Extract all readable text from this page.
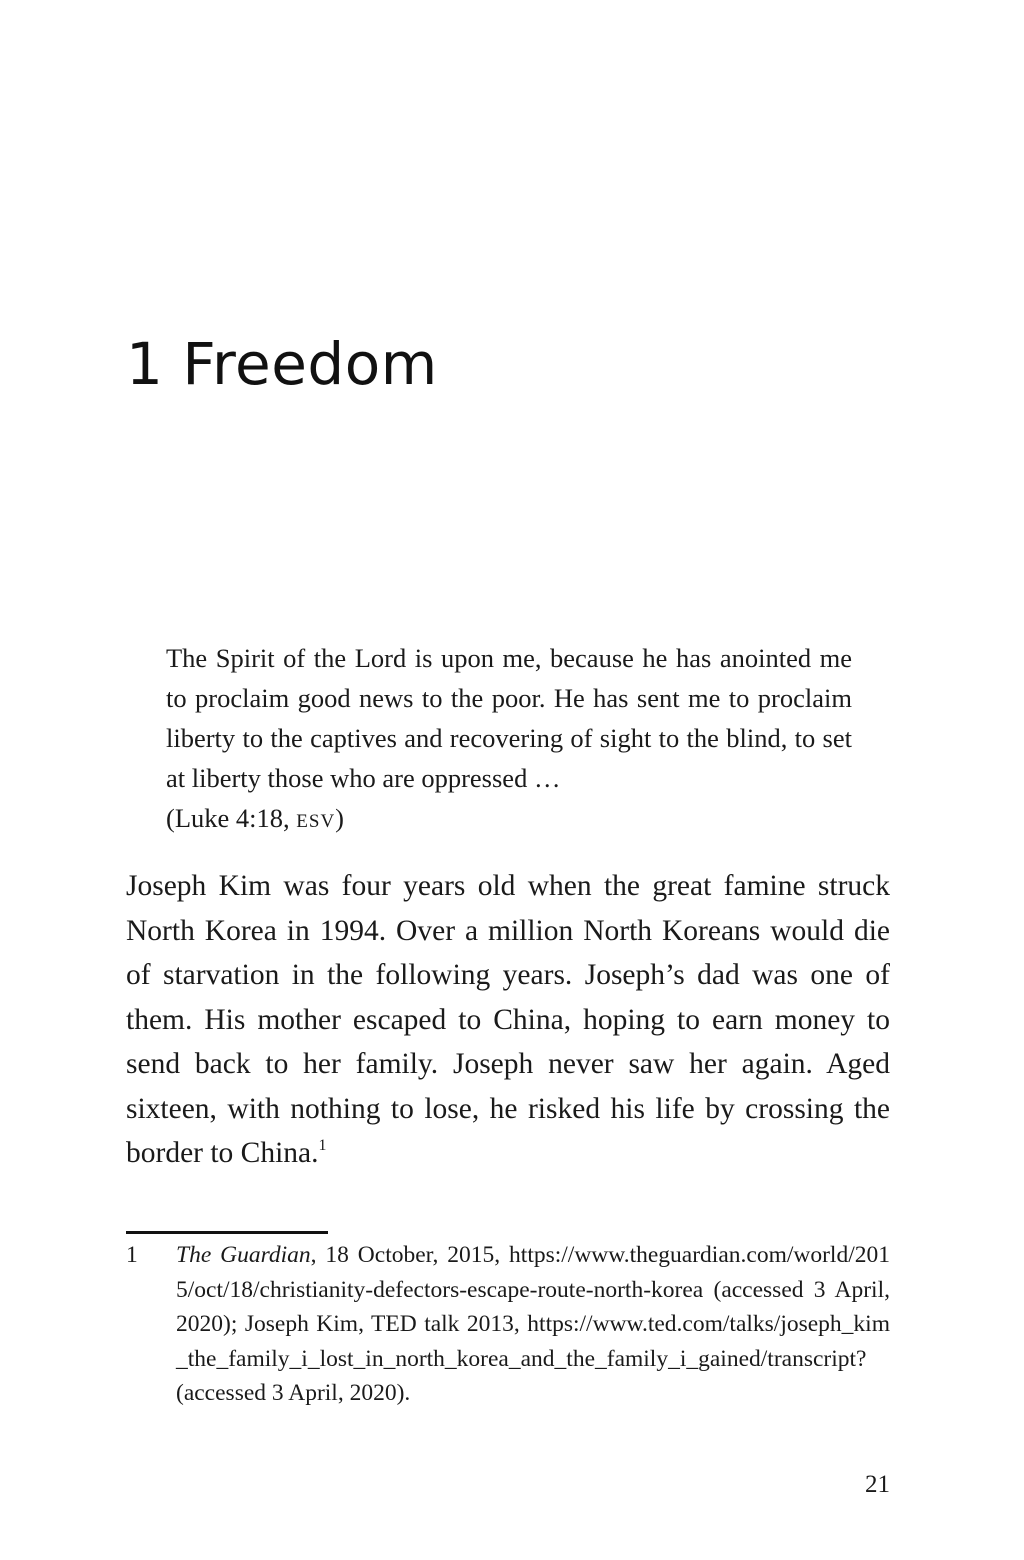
1 Freedom
The Spirit of the Lord is upon me, because he has anointed me to proclaim good news to the poor. He has sent me to proclaim liberty to the captives and recovering of sight to the blind, to set at liberty those who are oppressed …
(Luke 4:18, esv)

Joseph Kim was four years old when the great famine struck North Korea in 1994. Over a million North Koreans would die of starvation in the following years. Joseph’s dad was one of them. His mother escaped to China, hoping to earn money to send back to her family. Joseph never saw her again. Aged sixteen, with nothing to lose, he risked his life by crossing the border to China.$^1$

1 The Guardian, 18 October, 2015, https://www.theguardian.com/world/2015/oct/18/christianity-defectors-escape-route-north-korea (accessed 3 April, 2020); Joseph Kim, TED talk 2013, https://www.ted.com/talks/joseph_kim_the_family_i_lost_in_north_korea_and_the_family_i_gained/transcript? (accessed 3 April, 2020).
21
